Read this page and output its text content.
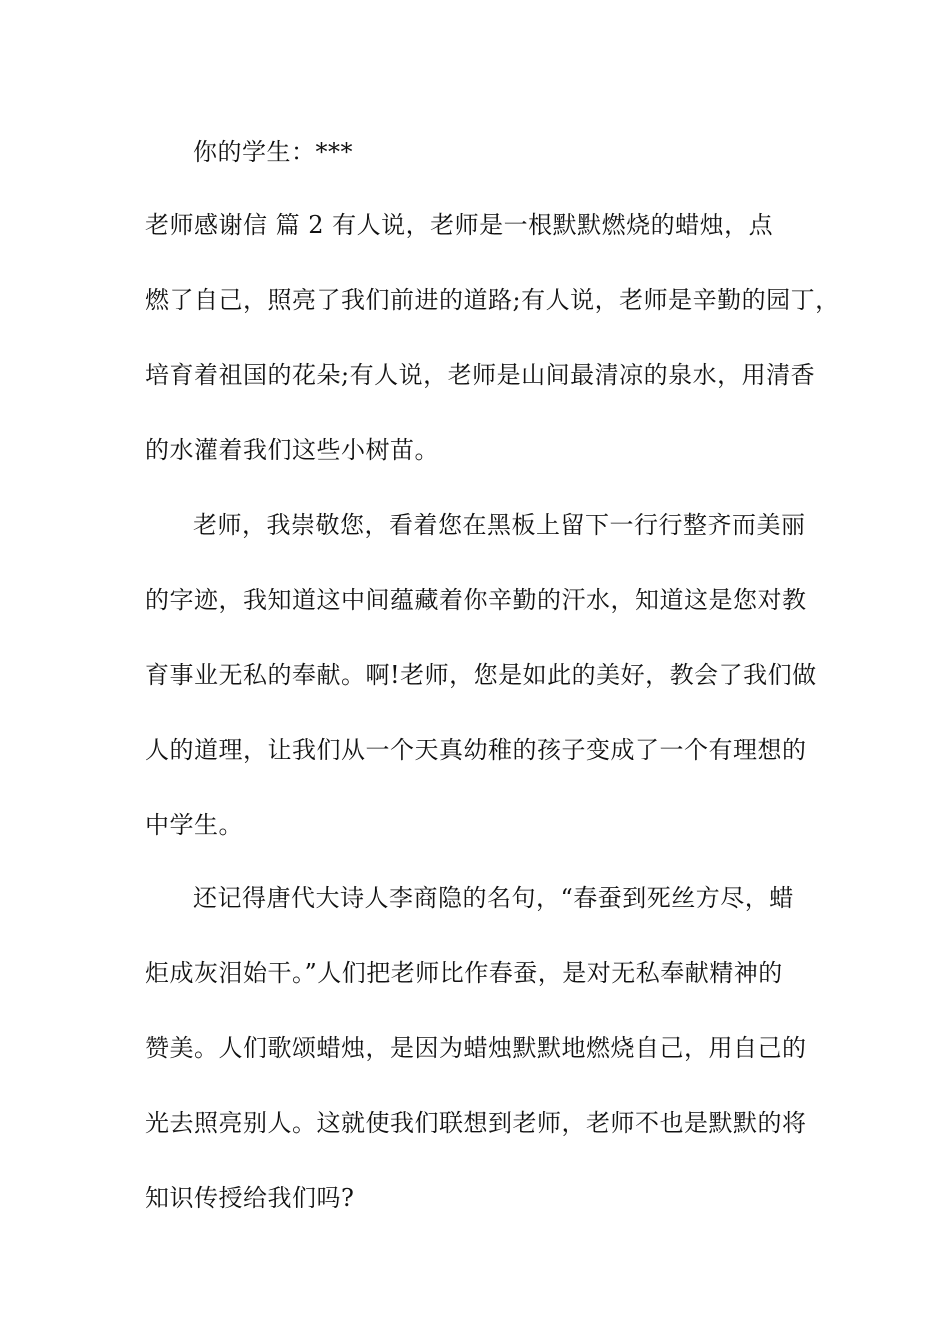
你的学生：***
老师感谢信 篇 2 有人说，老师是一根默默燃烧的蜡烛，点
燃了自己，照亮了我们前进的道路;有人说，老师是辛勤的园丁，
培育着祖国的花朵;有人说，老师是山间最清凉的泉水，用清香
的水灌着我们这些小树苗。
老师，我崇敬您，看着您在黑板上留下一行行整齐而美丽
的字迹，我知道这中间蕴藏着你辛勤的汗水，知道这是您对教
育事业无私的奉献。啊!老师，您是如此的美好，教会了我们做
人的道理，让我们从一个天真幼稚的孩子变成了一个有理想的
中学生。
还记得唐代大诗人李商隐的名句，“春蚕到死丝方尽，蜡
炬成灰泪始干。”人们把老师比作春蚕，是对无私奉献精神的
赞美。人们歌颂蜡烛，是因为蜡烛默默地燃烧自己，用自己的
光去照亮别人。这就使我们联想到老师，老师不也是默默的将
知识传授给我们吗?
